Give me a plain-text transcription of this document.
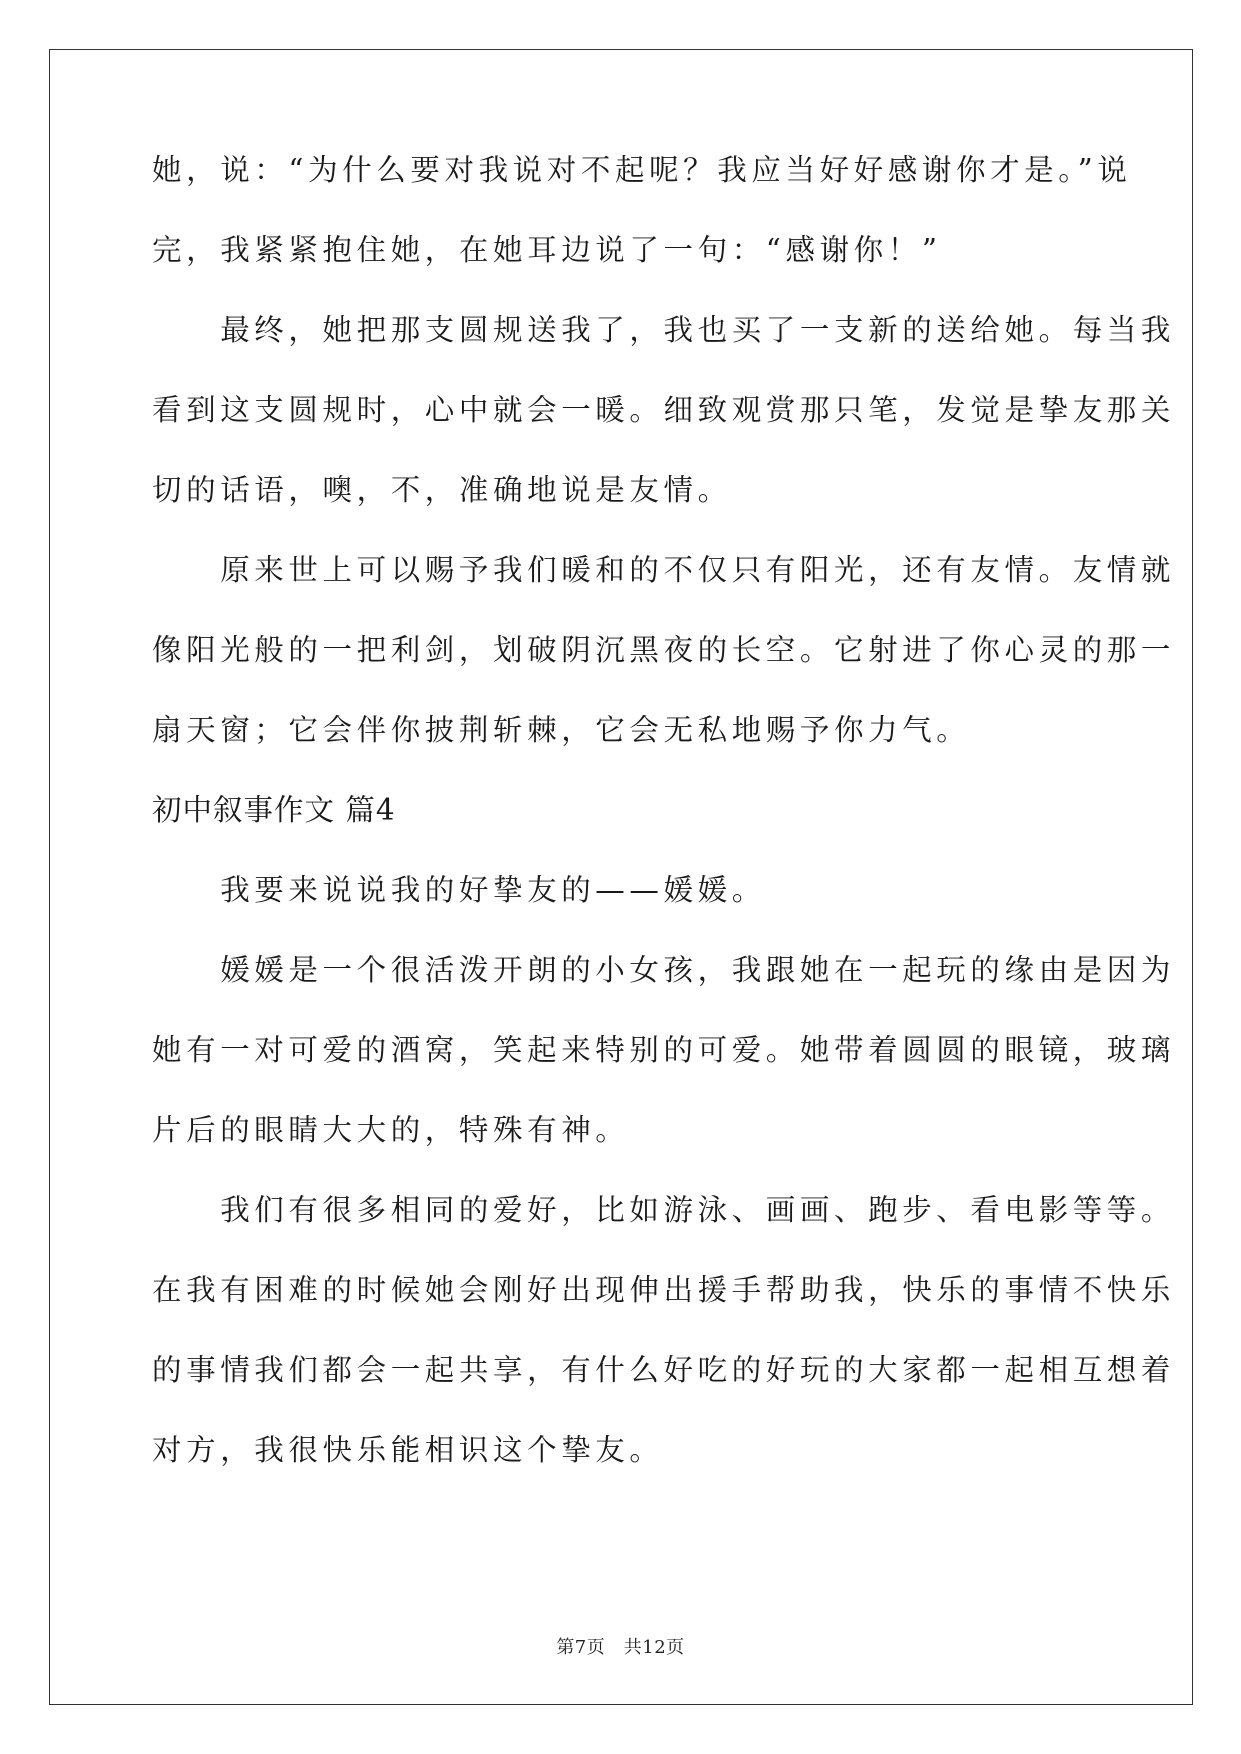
她，说：“为什么要对我说对不起呢？我应当好好感谢你才是。”说
完，我紧紧抱住她，在她耳边说了一句：“感谢你！”
　　最终，她把那支圆规送我了，我也买了一支新的送给她。每当我
看到这支圆规时，心中就会一暖。细致观赏那只笔，发觉是挚友那关
切的话语，噢，不，准确地说是友情。
　　原来世上可以赐予我们暖和的不仅只有阳光，还有友情。友情就
像阳光般的一把利剑，划破阴沉黑夜的长空。它射进了你心灵的那一
扇天窗；它会伴你披荆斩棘，它会无私地赐予你力气。
初中叙事作文 篇4
　　我要来说说我的好挚友的——媛媛。
　　媛媛是一个很活泼开朗的小女孩，我跟她在一起玩的缘由是因为
她有一对可爱的酒窝，笑起来特别的可爱。她带着圆圆的眼镜，玻璃
片后的眼睛大大的，特殊有神。
　　我们有很多相同的爱好，比如游泳、画画、跑步、看电影等等。
在我有困难的时候她会刚好出现伸出援手帮助我，快乐的事情不快乐
的事情我们都会一起共享，有什么好吃的好玩的大家都一起相互想着
对方，我很快乐能相识这个挚友。
第7页　共12页
